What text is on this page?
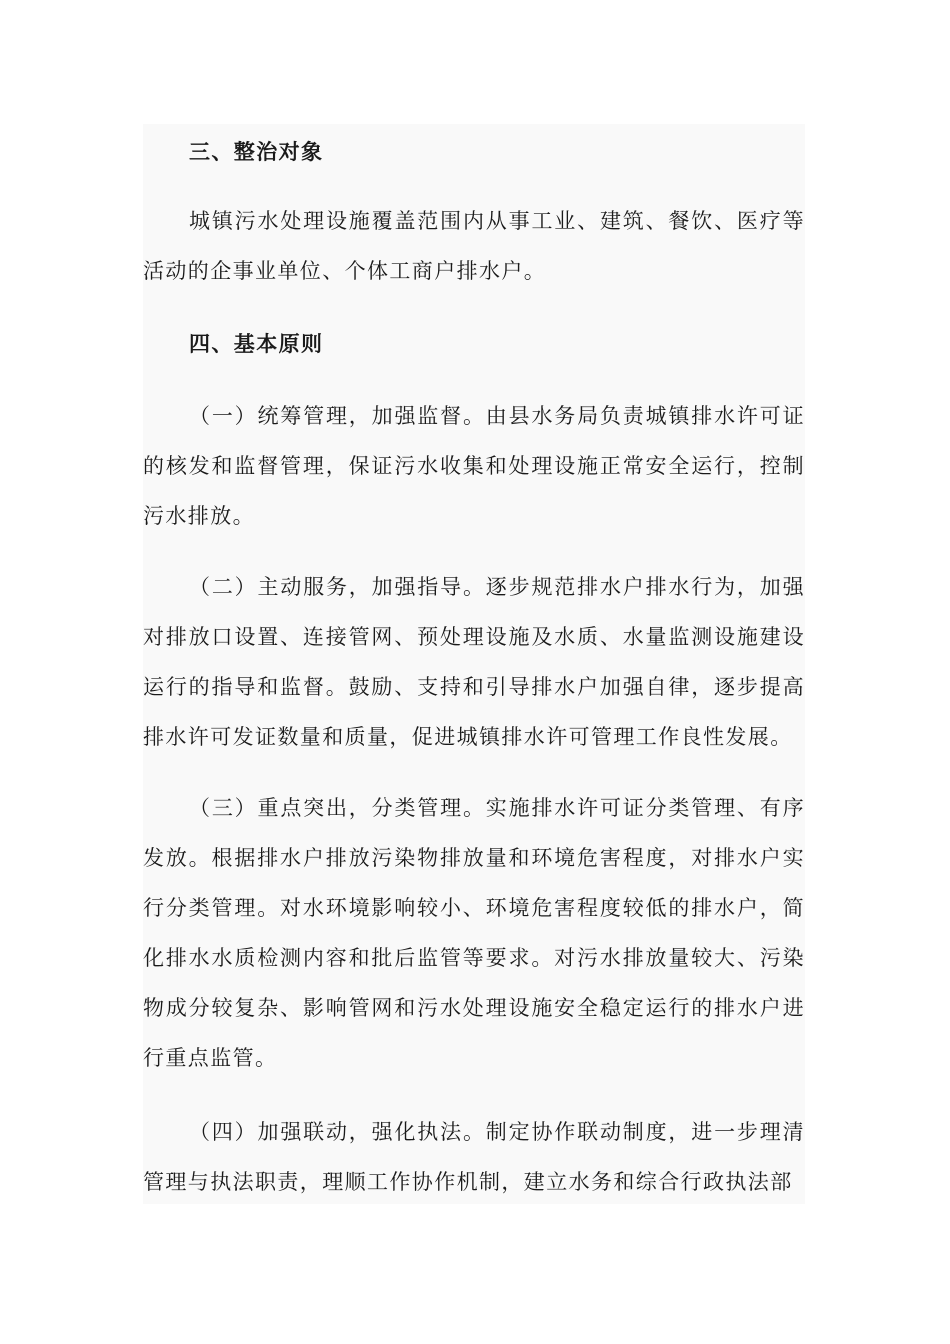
三、整治对象
城镇污水处理设施覆盖范围内从事工业、建筑、餐饮、医疗等活动的企事业单位、个体工商户排水户。
四、基本原则
（一）统筹管理，加强监督。由县水务局负责城镇排水许可证的核发和监督管理，保证污水收集和处理设施正常安全运行，控制污水排放。
（二）主动服务，加强指导。逐步规范排水户排水行为，加强对排放口设置、连接管网、预处理设施及水质、水量监测设施建设运行的指导和监督。鼓励、支持和引导排水户加强自律，逐步提高排水许可发证数量和质量，促进城镇排水许可管理工作良性发展。
（三）重点突出，分类管理。实施排水许可证分类管理、有序发放。根据排水户排放污染物排放量和环境危害程度，对排水户实行分类管理。对水环境影响较小、环境危害程度较低的排水户，简化排水水质检测内容和批后监管等要求。对污水排放量较大、污染物成分较复杂、影响管网和污水处理设施安全稳定运行的排水户进行重点监管。
（四）加强联动，强化执法。制定协作联动制度，进一步理清管理与执法职责，理顺工作协作机制，建立水务和综合行政执法部
